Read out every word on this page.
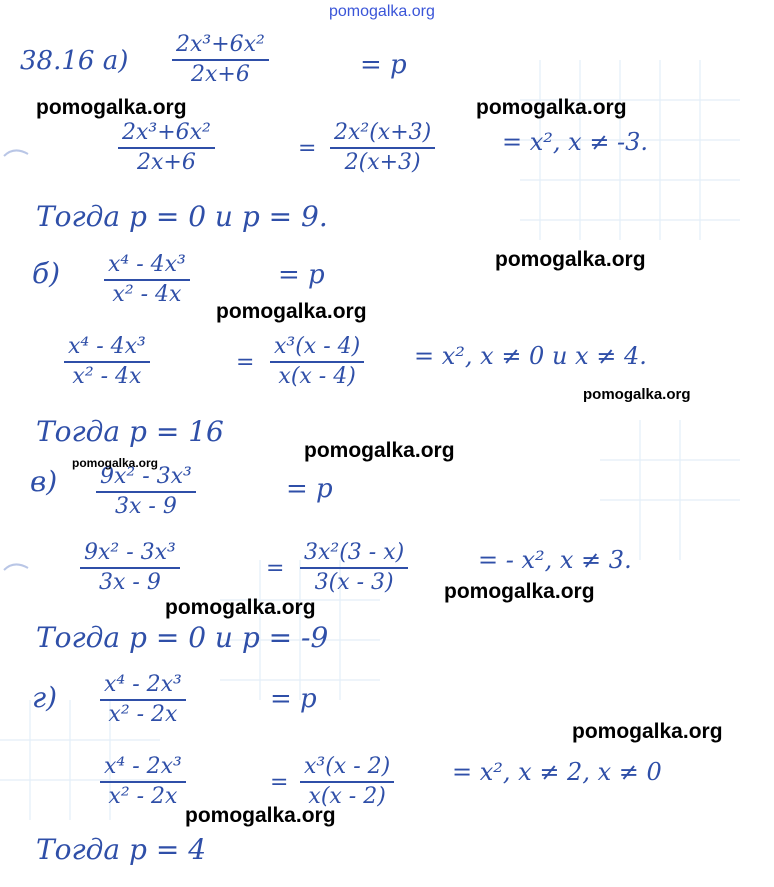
pomogalka.org
38.16 а)
2x³+6x²
2x+6	= p
2x³+6x²
2x+6
=
2x²(x+3)
2(x+3)
= x², x ≠ -3.
Тогда p = 0 и p = 9.
б) x⁴ - 4x³
x² - 4x
= p
x⁴ - 4x³
x² - 4x
=
x³(x - 4)
x(x - 4)
= x², x ≠ 0 и x ≠ 4.
Тогда p = 16
в) 9x² - 3x³
3x - 9
= p
9x² - 3x³
3x - 9
=
3x²(3 - x)
3(x - 3)
= - x², x ≠ 3.
Тогда p = 0 и p = -9
г) x⁴ - 2x³
x² - 2x
= p
x⁴ - 2x³
x² - 2x
=
x³(x - 2)
x(x - 2)
= x², x ≠ 2, x ≠ 0
Тогда p = 4
pomogalka.org	pomogalka.org
pomogalka.org
pomogalka.org
pomogalka.org
pomogalka.org
pomogalka.org
pomogalka.org
pomogalka.org
pomogalka.org
pomogalka.org
